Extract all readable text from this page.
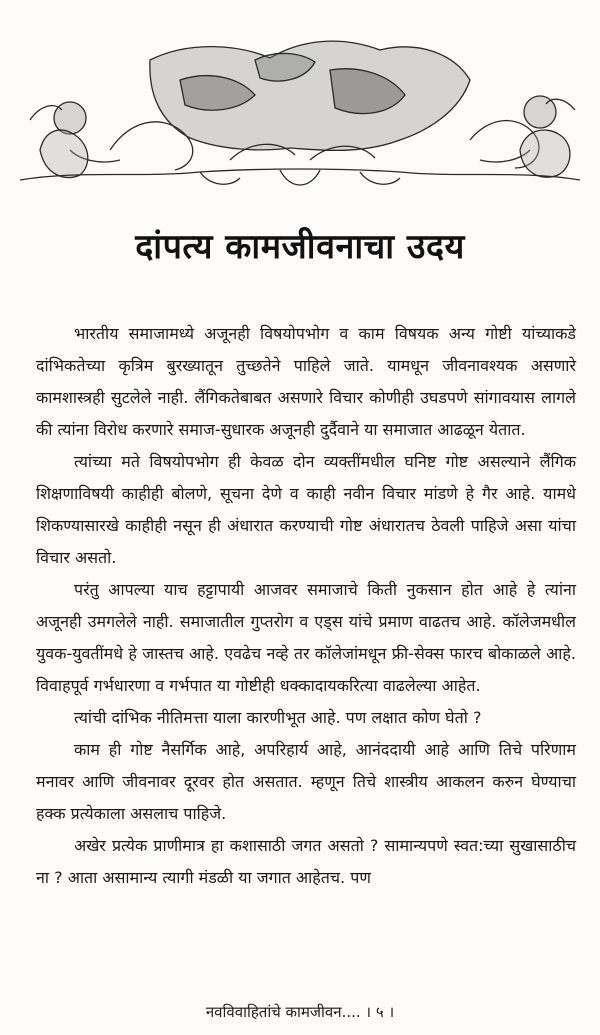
दांपत्य कामजीवनाचा उदय

भारतीय समाजामध्ये अजूनही विषयोपभोग व काम विषयक अन्य गोष्टी यांच्याकडे दांभिकतेच्या कृत्रिम बुरख्यातून तुच्छतेने पाहिले जाते. यामधून जीवनावश्यक असणारे कामशास्त्रही सुटलेले नाही. लैंगिकतेबाबत असणारे विचार कोणीही उघडपणे सांगावयास लागले की त्यांना विरोध करणारे समाज-सुधारक अजूनही दुर्दैवाने या समाजात आढळून येतात.

त्यांच्या मते विषयोपभोग ही केवळ दोन व्यक्तींमधील घनिष्ट गोष्ट असल्याने लैंगिक शिक्षणाविषयी काहीही बोलणे, सूचना देणे व काही नवीन विचार मांडणे हे गैर आहे. यामधे शिकण्यासारखे काहीही नसून ही अंधारात करण्याची गोष्ट अंधारातच ठेवली पाहिजे असा यांचा विचार असतो.

परंतु आपल्या याच हट्टापायी आजवर समाजाचे किती नुकसान होत आहे हे त्यांना अजूनही उमगलेले नाही. समाजातील गुप्तरोग व एड्स यांचे प्रमाण वाढतच आहे. कॉलेजमधील युवक-युवतींमधे हे जास्तच आहे. एवढेच नव्हे तर कॉलेजांमधून फ्री-सेक्स फारच बोकाळले आहे. विवाहपूर्व गर्भधारणा व गर्भपात या गोष्टीही धक्कादायकरित्या वाढलेल्या आहेत.

त्यांची दांभिक नीतिमत्ता याला कारणीभूत आहे. पण लक्षात कोण घेतो ?

काम ही गोष्ट नैसर्गिक आहे, अपरिहार्य आहे, आनंददायी आहे आणि तिचे परिणाम मनावर आणि जीवनावर दूरवर होत असतात. म्हणून तिचे शास्त्रीय आकलन करुन घेण्याचा हक्क प्रत्येकाला असलाच पाहिजे.

अखेर प्रत्येक प्राणीमात्र हा कशासाठी जगत असतो ? सामान्यपणे स्वत:च्या सुखासाठीच ना ? आता असामान्य त्यागी मंडळी या जगात आहेतच. पण

नवविवाहितांचे कामजीवन.... । ५ ।
